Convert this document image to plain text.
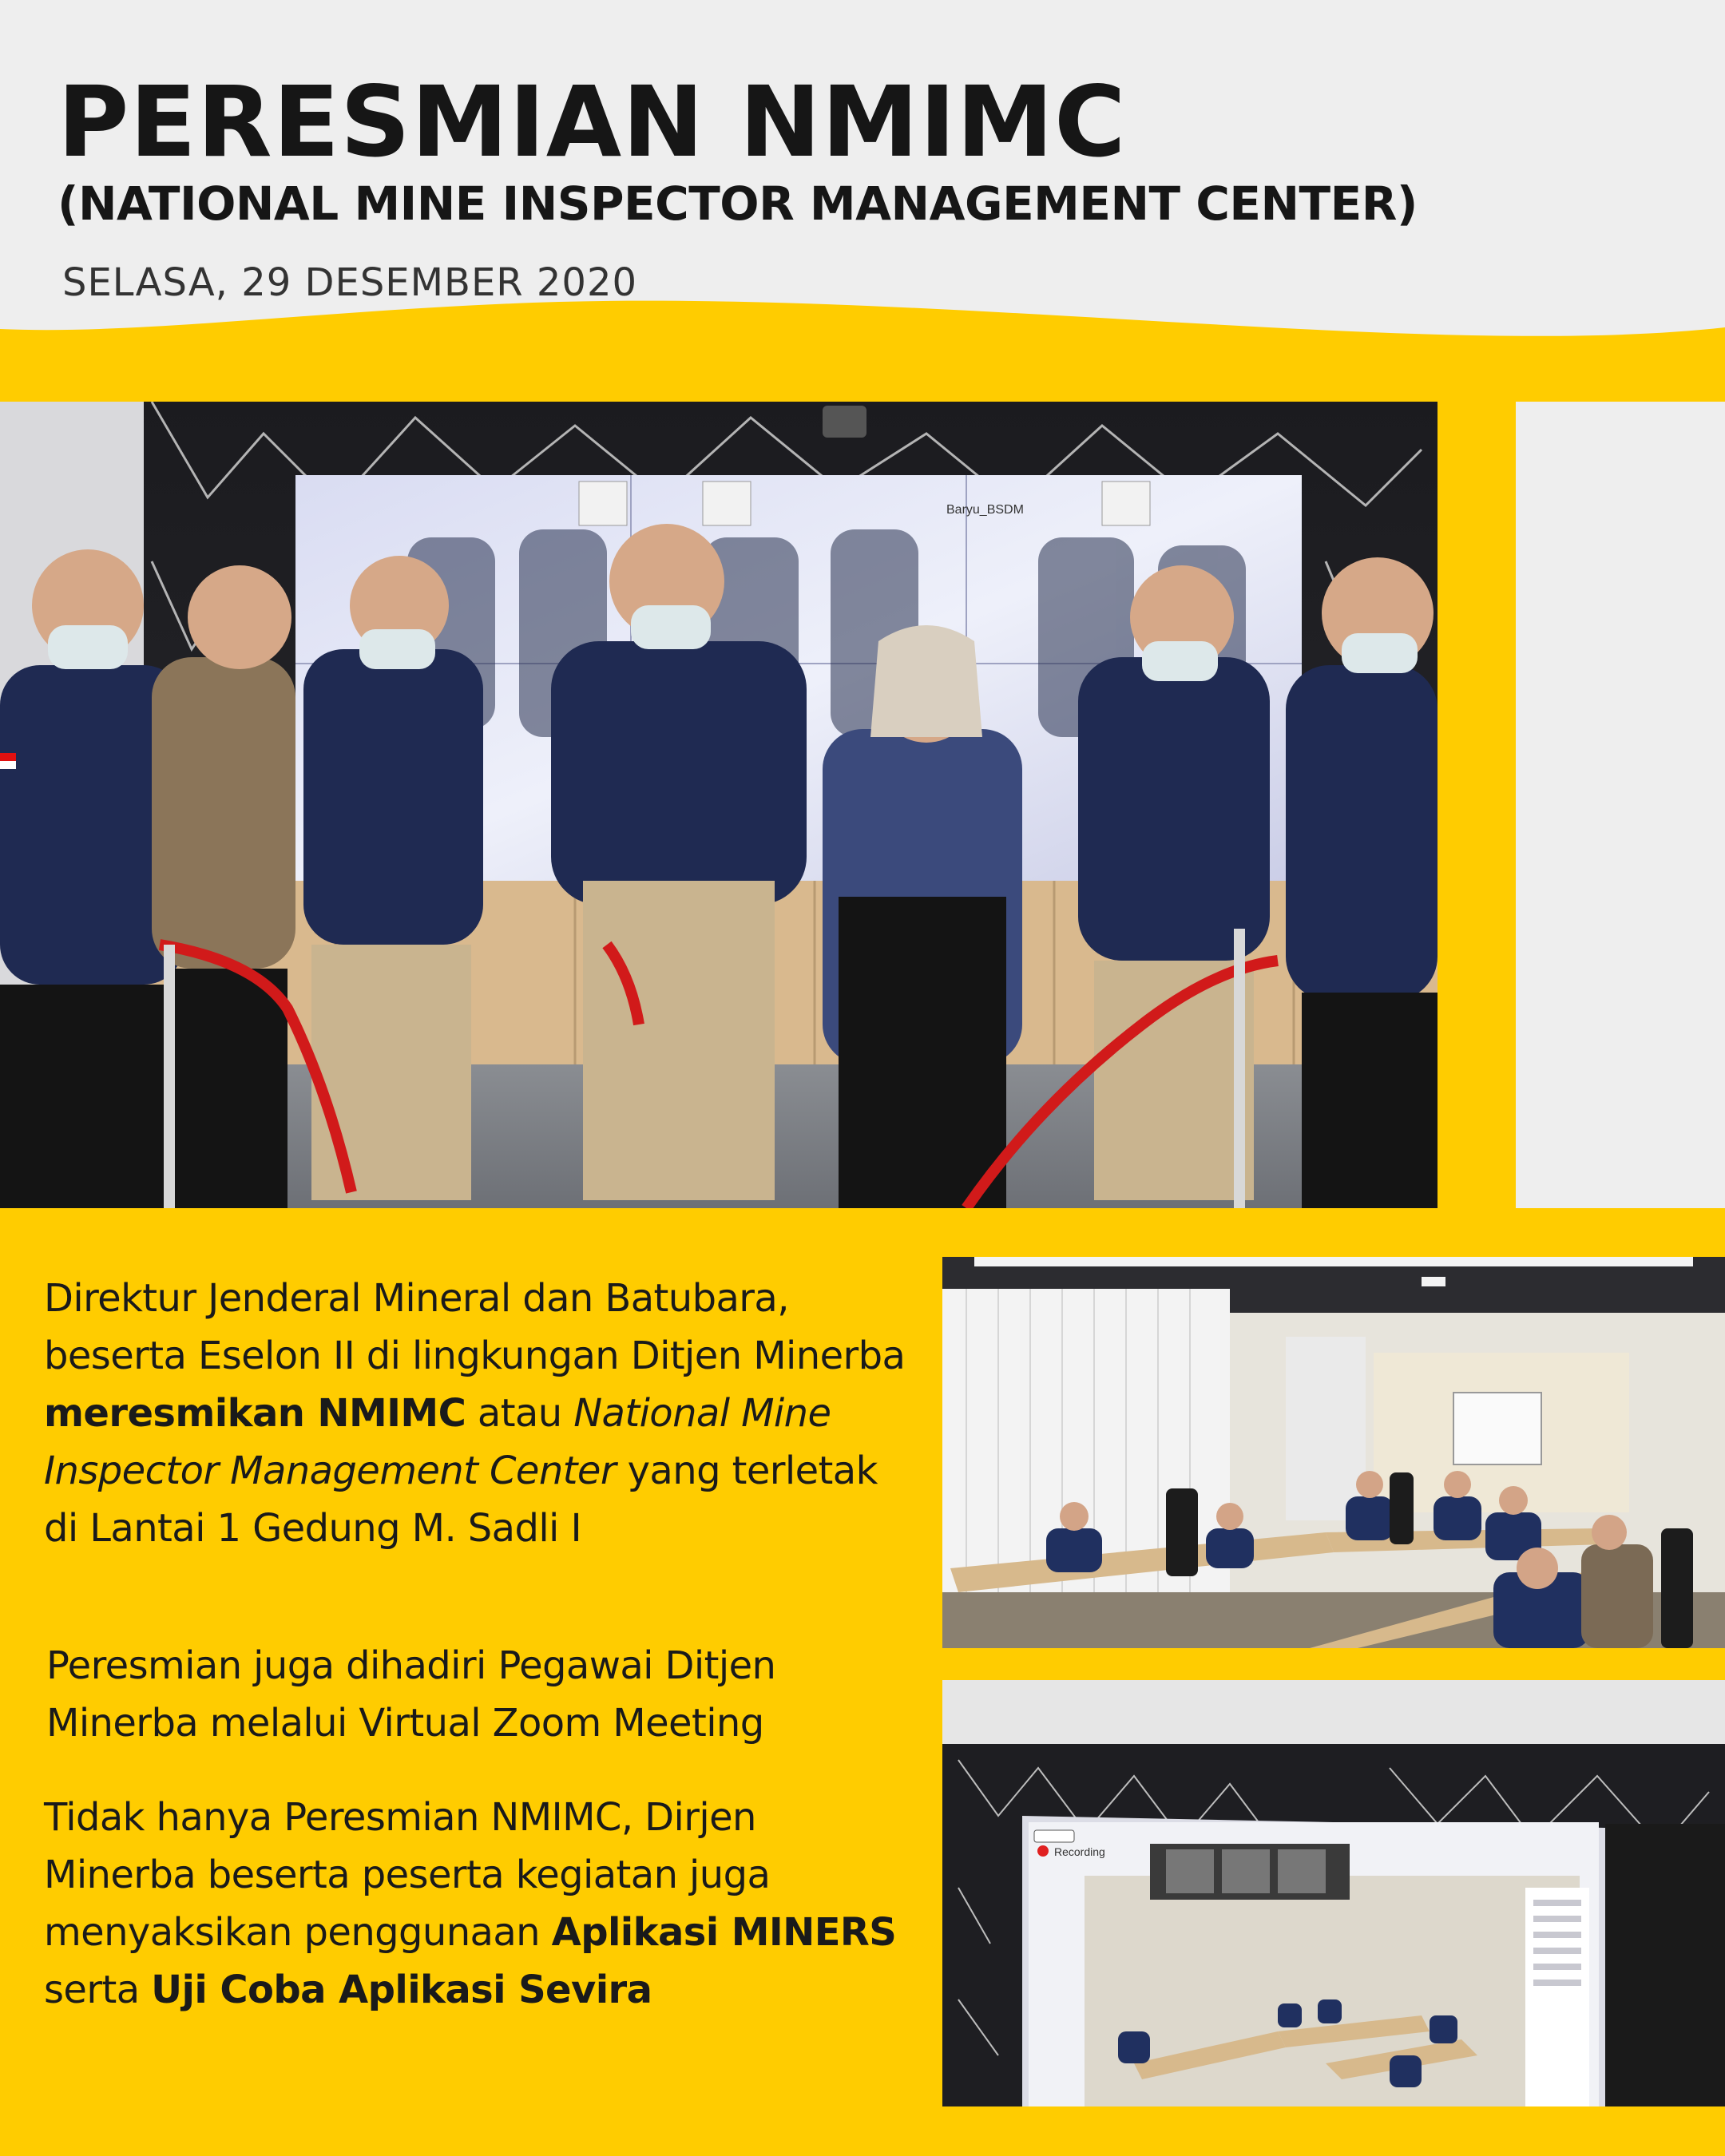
PERESMIAN NMIMC
(NATIONAL MINE INSPECTOR MANAGEMENT CENTER)

SELASA, 29 DESEMBER 2020

Baryu_BSDM
Recording

Direktur Jenderal Mineral dan Batubara, beserta Eselon II di lingkungan Ditjen Minerba meresmikan NMIMC atau National Mine Inspector Management Center yang terletak di Lantai 1 Gedung M. Sadli I

Peresmian juga dihadiri Pegawai Ditjen Minerba melalui Virtual Zoom Meeting

Tidak hanya Peresmian NMIMC, Dirjen Minerba beserta peserta kegiatan juga menyaksikan penggunaan Aplikasi MINERS serta Uji Coba Aplikasi Sevira
